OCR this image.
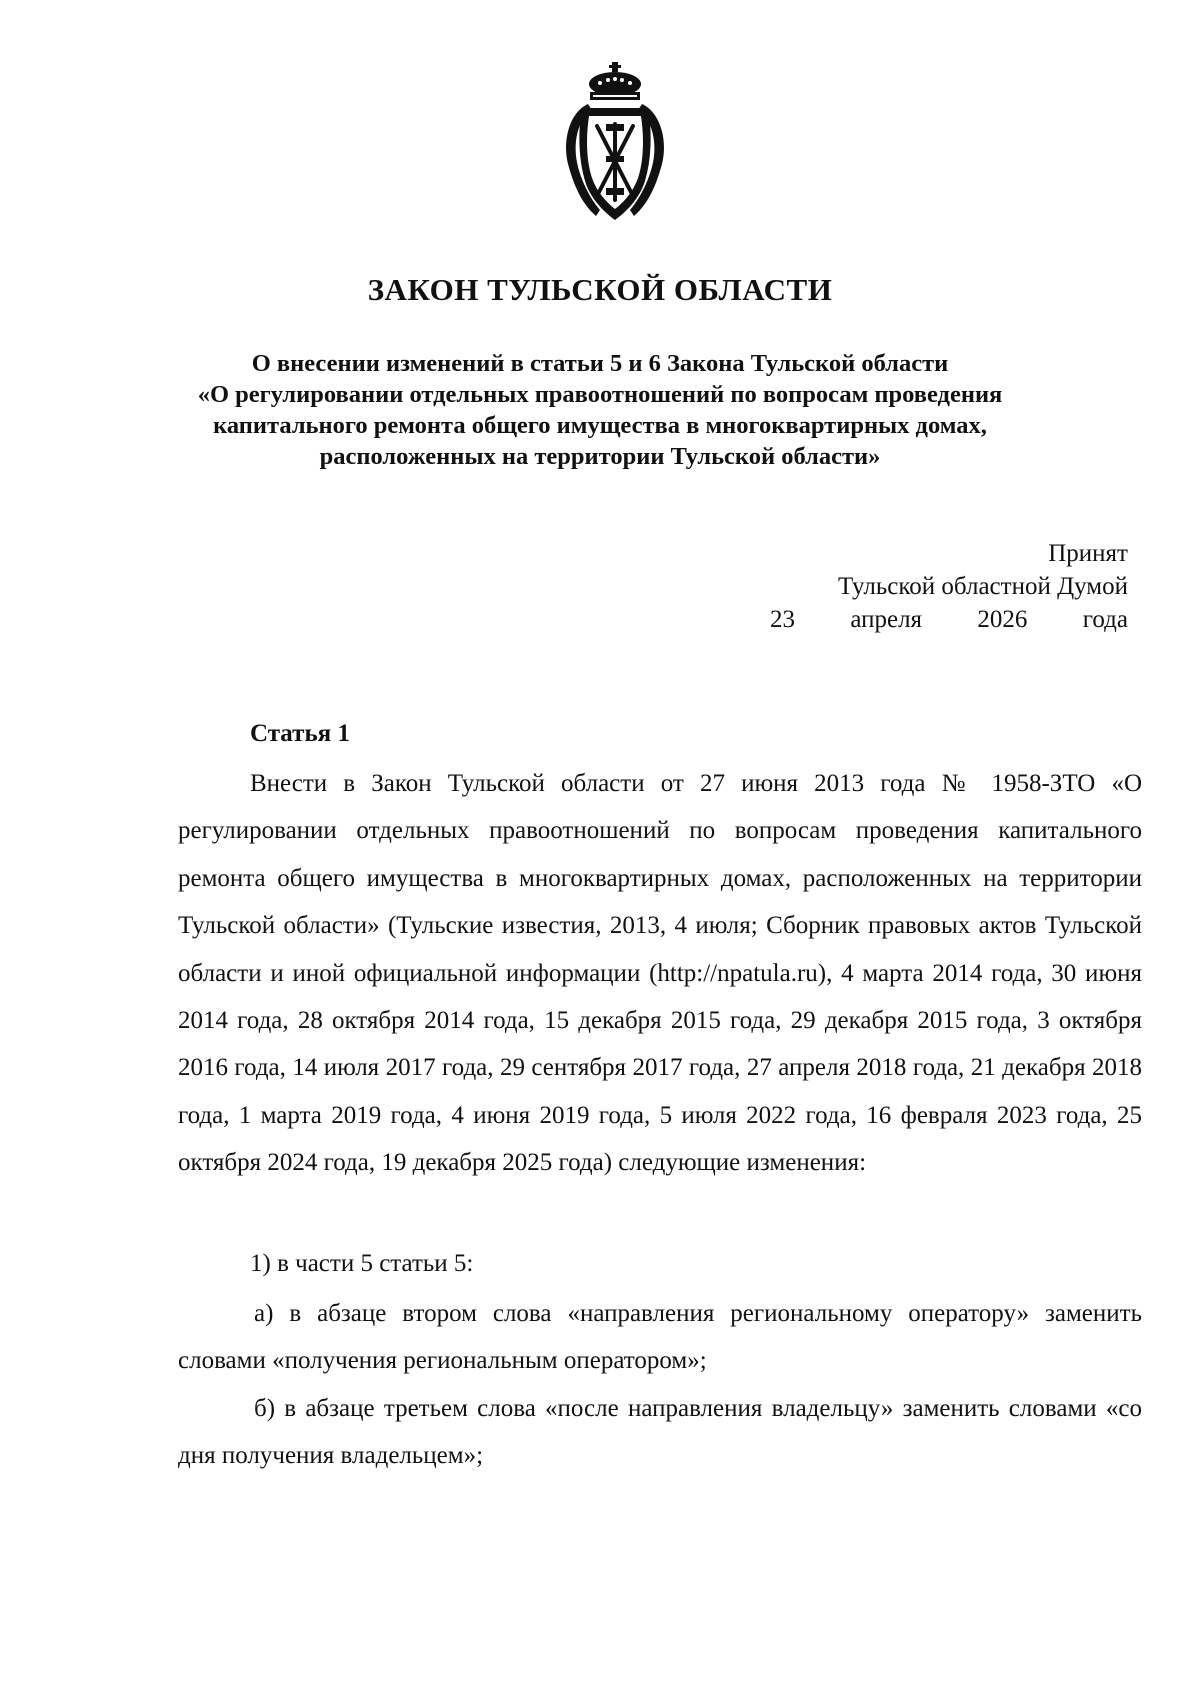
ЗАКОН ТУЛЬСКОЙ ОБЛАСТИ
О внесении изменений в статьи 5 и 6 Закона Тульской области
«О регулировании отдельных правоотношений по вопросам проведения
капитального ремонта общего имущества в многоквартирных домах,
расположенных на территории Тульской области»
Принят
Тульской областной Думой
23 апреля 2026 года
Статья 1

Внести в Закон Тульской области от 27 июня 2013 года № 1958-ЗТО «О регулировании отдельных правоотношений по вопросам проведения капитального ремонта общего имущества в многоквартирных домах, расположенных на территории Тульской области» (Тульские известия, 2013, 4 июля; Сборник правовых актов Тульской области и иной официальной информации (http://npatula.ru), 4 марта 2014 года, 30 июня 2014 года, 28 октября 2014 года, 15 декабря 2015 года, 29 декабря 2015 года, 3 октября 2016 года, 14 июля 2017 года, 29 сентября 2017 года, 27 апреля 2018 года, 21 декабря 2018 года, 1 марта 2019 года, 4 июня 2019 года, 5 июля 2022 года, 16 февраля 2023 года, 25 октября 2024 года, 19 декабря 2025 года) следующие изменения:

1) в части 5 статьи 5:

а) в абзаце втором слова «направления региональному оператору» заменить словами «получения региональным оператором»;

б) в абзаце третьем слова «после направления владельцу» заменить словами «со дня получения владельцем»;
